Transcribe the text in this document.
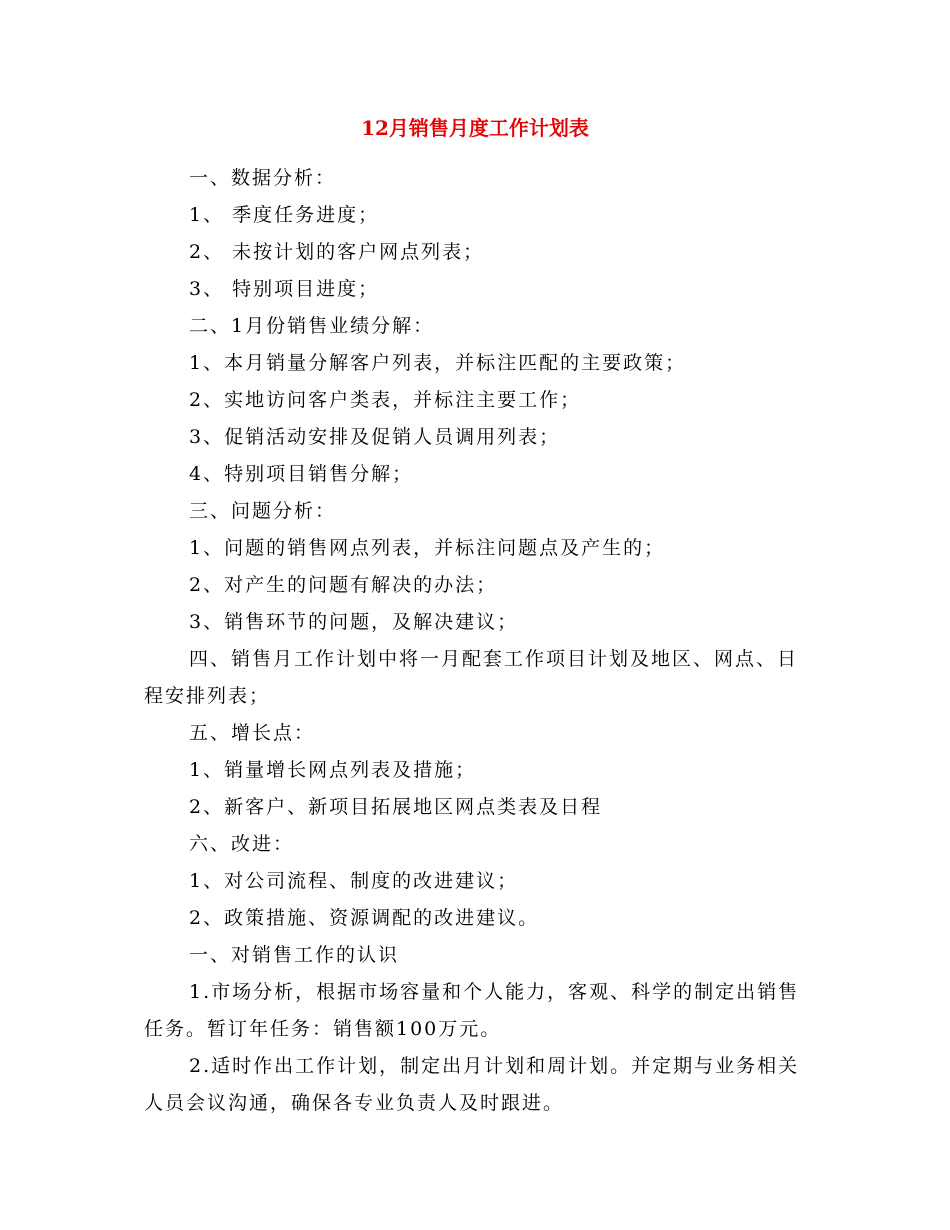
12月销售月度工作计划表

一、数据分析：

1、 季度任务进度；

2、 未按计划的客户网点列表；

3、 特别项目进度；

二、1月份销售业绩分解：

1、本月销量分解客户列表，并标注匹配的主要政策；

2、实地访问客户类表，并标注主要工作；

3、促销活动安排及促销人员调用列表；

4、特别项目销售分解；

三、问题分析：

1、问题的销售网点列表，并标注问题点及产生的；

2、对产生的问题有解决的办法；

3、销售环节的问题，及解决建议；

四、销售月工作计划中将一月配套工作项目计划及地区、网点、日程安排列表；

五、增长点：

1、销量增长网点列表及措施；

2、新客户、新项目拓展地区网点类表及日程

六、改进：

1、对公司流程、制度的改进建议；

2、政策措施、资源调配的改进建议。

一、对销售工作的认识

1.市场分析，根据市场容量和个人能力，客观、科学的制定出销售任务。暂订年任务：销售额100万元。

2.适时作出工作计划，制定出月计划和周计划。并定期与业务相关人员会议沟通，确保各专业负责人及时跟进。
